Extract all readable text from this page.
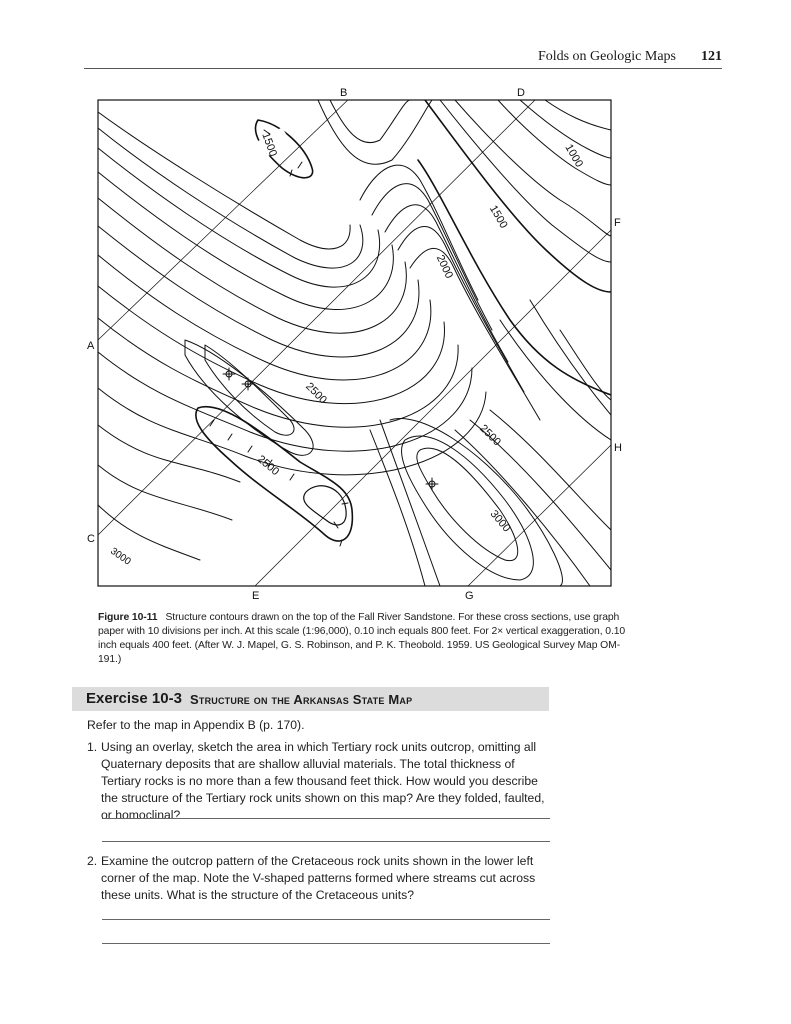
Folds on Geologic Maps 121
B	D
F
A
H
C
E	G
1500	1000
1500
2000
2500
2500
2500
3000
3000
Figure 10-11 Structure contours drawn on the top of the Fall River Sandstone. For these cross sections, use graph paper with 10 divisions per inch. At this scale (1:96,000), 0.10 inch equals 800 feet. For 2× vertical exaggeration, 0.10 inch equals 400 feet. (After W. J. Mapel, G. S. Robinson, and P. K. Theobold. 1959. US Geological Survey Map OM-191.)
Exercise 10-3 Structure on the Arkansas State Map
Refer to the map in Appendix B (p. 170).
1. Using an overlay, sketch the area in which Tertiary rock units outcrop, omitting all Quaternary deposits that are shallow alluvial materials. The total thickness of Tertiary rocks is no more than a few thousand feet thick. How would you describe the structure of the Tertiary rock units shown on this map? Are they folded, faulted, or homoclinal?
2. Examine the outcrop pattern of the Cretaceous rock units shown in the lower left corner of the map. Note the V-shaped patterns formed where streams cut across these units. What is the structure of the Cretaceous units?
